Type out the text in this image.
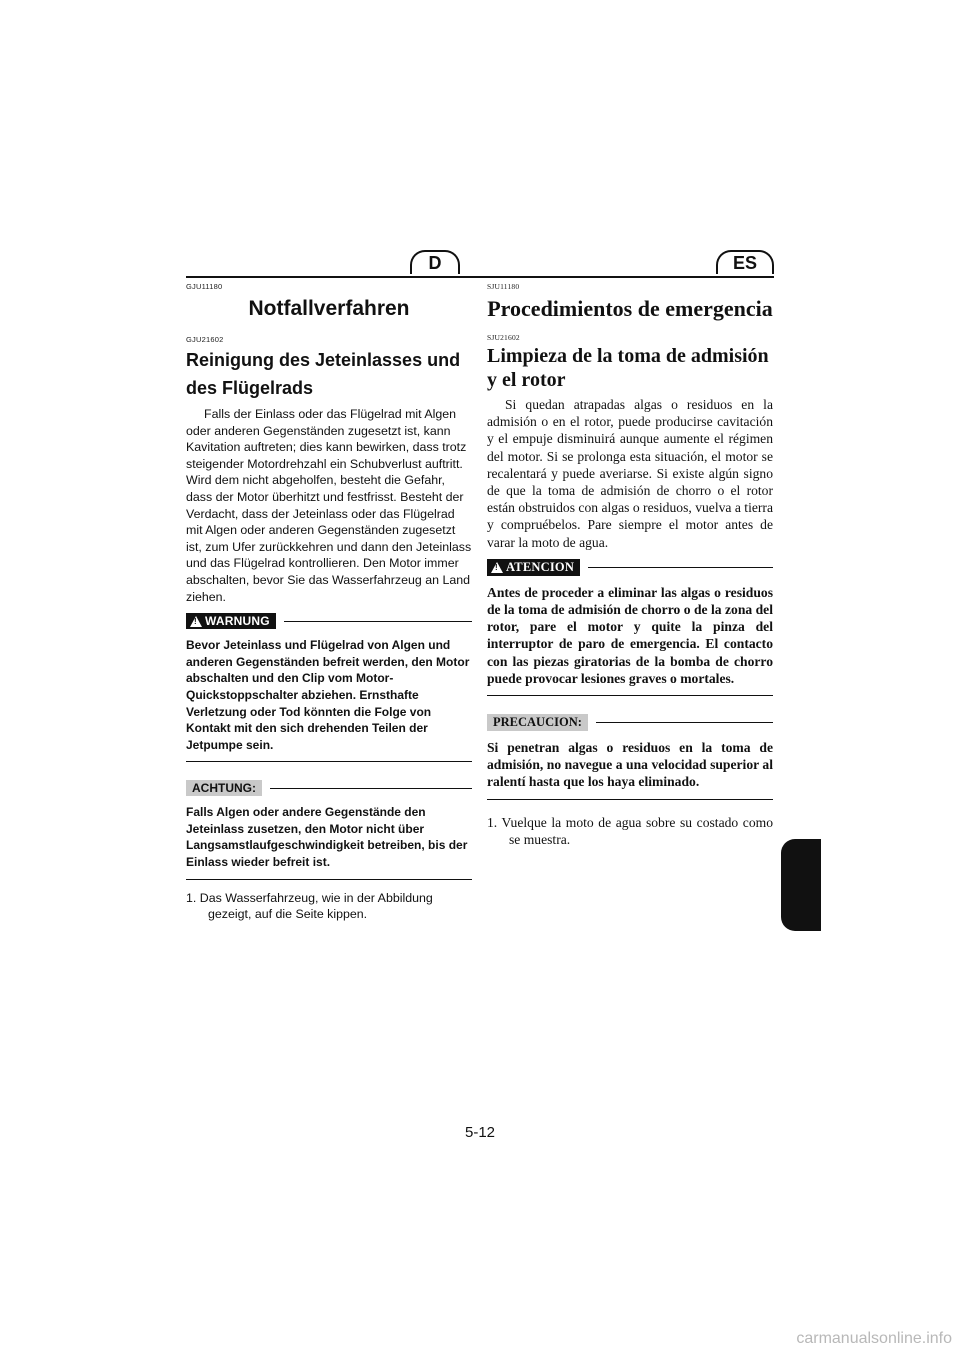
D	ES

GJU11180

Notfallverfahren

GJU21602

Reinigung des Jeteinlasses und des Flügelrads

Falls der Einlass oder das Flügelrad mit Algen oder anderen Gegenständen zugesetzt ist, kann Kavitation auftreten; dies kann bewirken, dass trotz steigender Motordrehzahl ein Schubverlust auftritt. Wird dem nicht abgeholfen, besteht die Gefahr, dass der Motor überhitzt und festfrisst. Besteht der Verdacht, dass der Jeteinlass oder das Flügelrad mit Algen oder anderen Gegenständen zugesetzt ist, zum Ufer zurückkehren und dann den Jeteinlass und das Flügelrad kontrollieren. Den Motor immer abschalten, bevor Sie das Wasserfahrzeug an Land ziehen.

!
WARNUNG

Bevor Jeteinlass und Flügelrad von Algen und anderen Gegenständen befreit werden, den Motor abschalten und den Clip vom Motor-Quickstoppschalter abziehen. Ernsthafte Verletzung oder Tod könnten die Folge von Kontakt mit den sich drehenden Teilen der Jetpumpe sein.

ACHTUNG:

Falls Algen oder andere Gegenstände den Jeteinlass zusetzen, den Motor nicht über Langsamstlaufgeschwindigkeit betreiben, bis der Einlass wieder befreit ist.

1. Das Wasserfahrzeug, wie in der Abbildung gezeigt, auf die Seite kippen.

SJU11180

Procedimientos de emergencia

SJU21602

Limpieza de la toma de admisión y el rotor

Si quedan atrapadas algas o residuos en la admisión o en el rotor, puede producirse cavitación y el empuje disminuirá aunque aumente el régimen del motor. Si se prolonga esta situación, el motor se recalentará y puede averiarse. Si existe algún signo de que la toma de admisión de chorro o el rotor están obstruidos con algas o residuos, vuelva a tierra y compruébelos. Pare siempre el motor antes de varar la moto de agua.

!
ATENCION

Antes de proceder a eliminar las algas o residuos de la toma de admisión de chorro o de la zona del rotor, pare el motor y quite la pinza del interruptor de paro de emergencia. El contacto con las piezas giratorias de la bomba de chorro puede provocar lesiones graves o mortales.

PRECAUCION:

Si penetran algas o residuos en la toma de admisión, no navegue a una velocidad superior al ralentí hasta que los haya eliminado.

1. Vuelque la moto de agua sobre su costado como se muestra.

5-12
carmanualsonline.info
